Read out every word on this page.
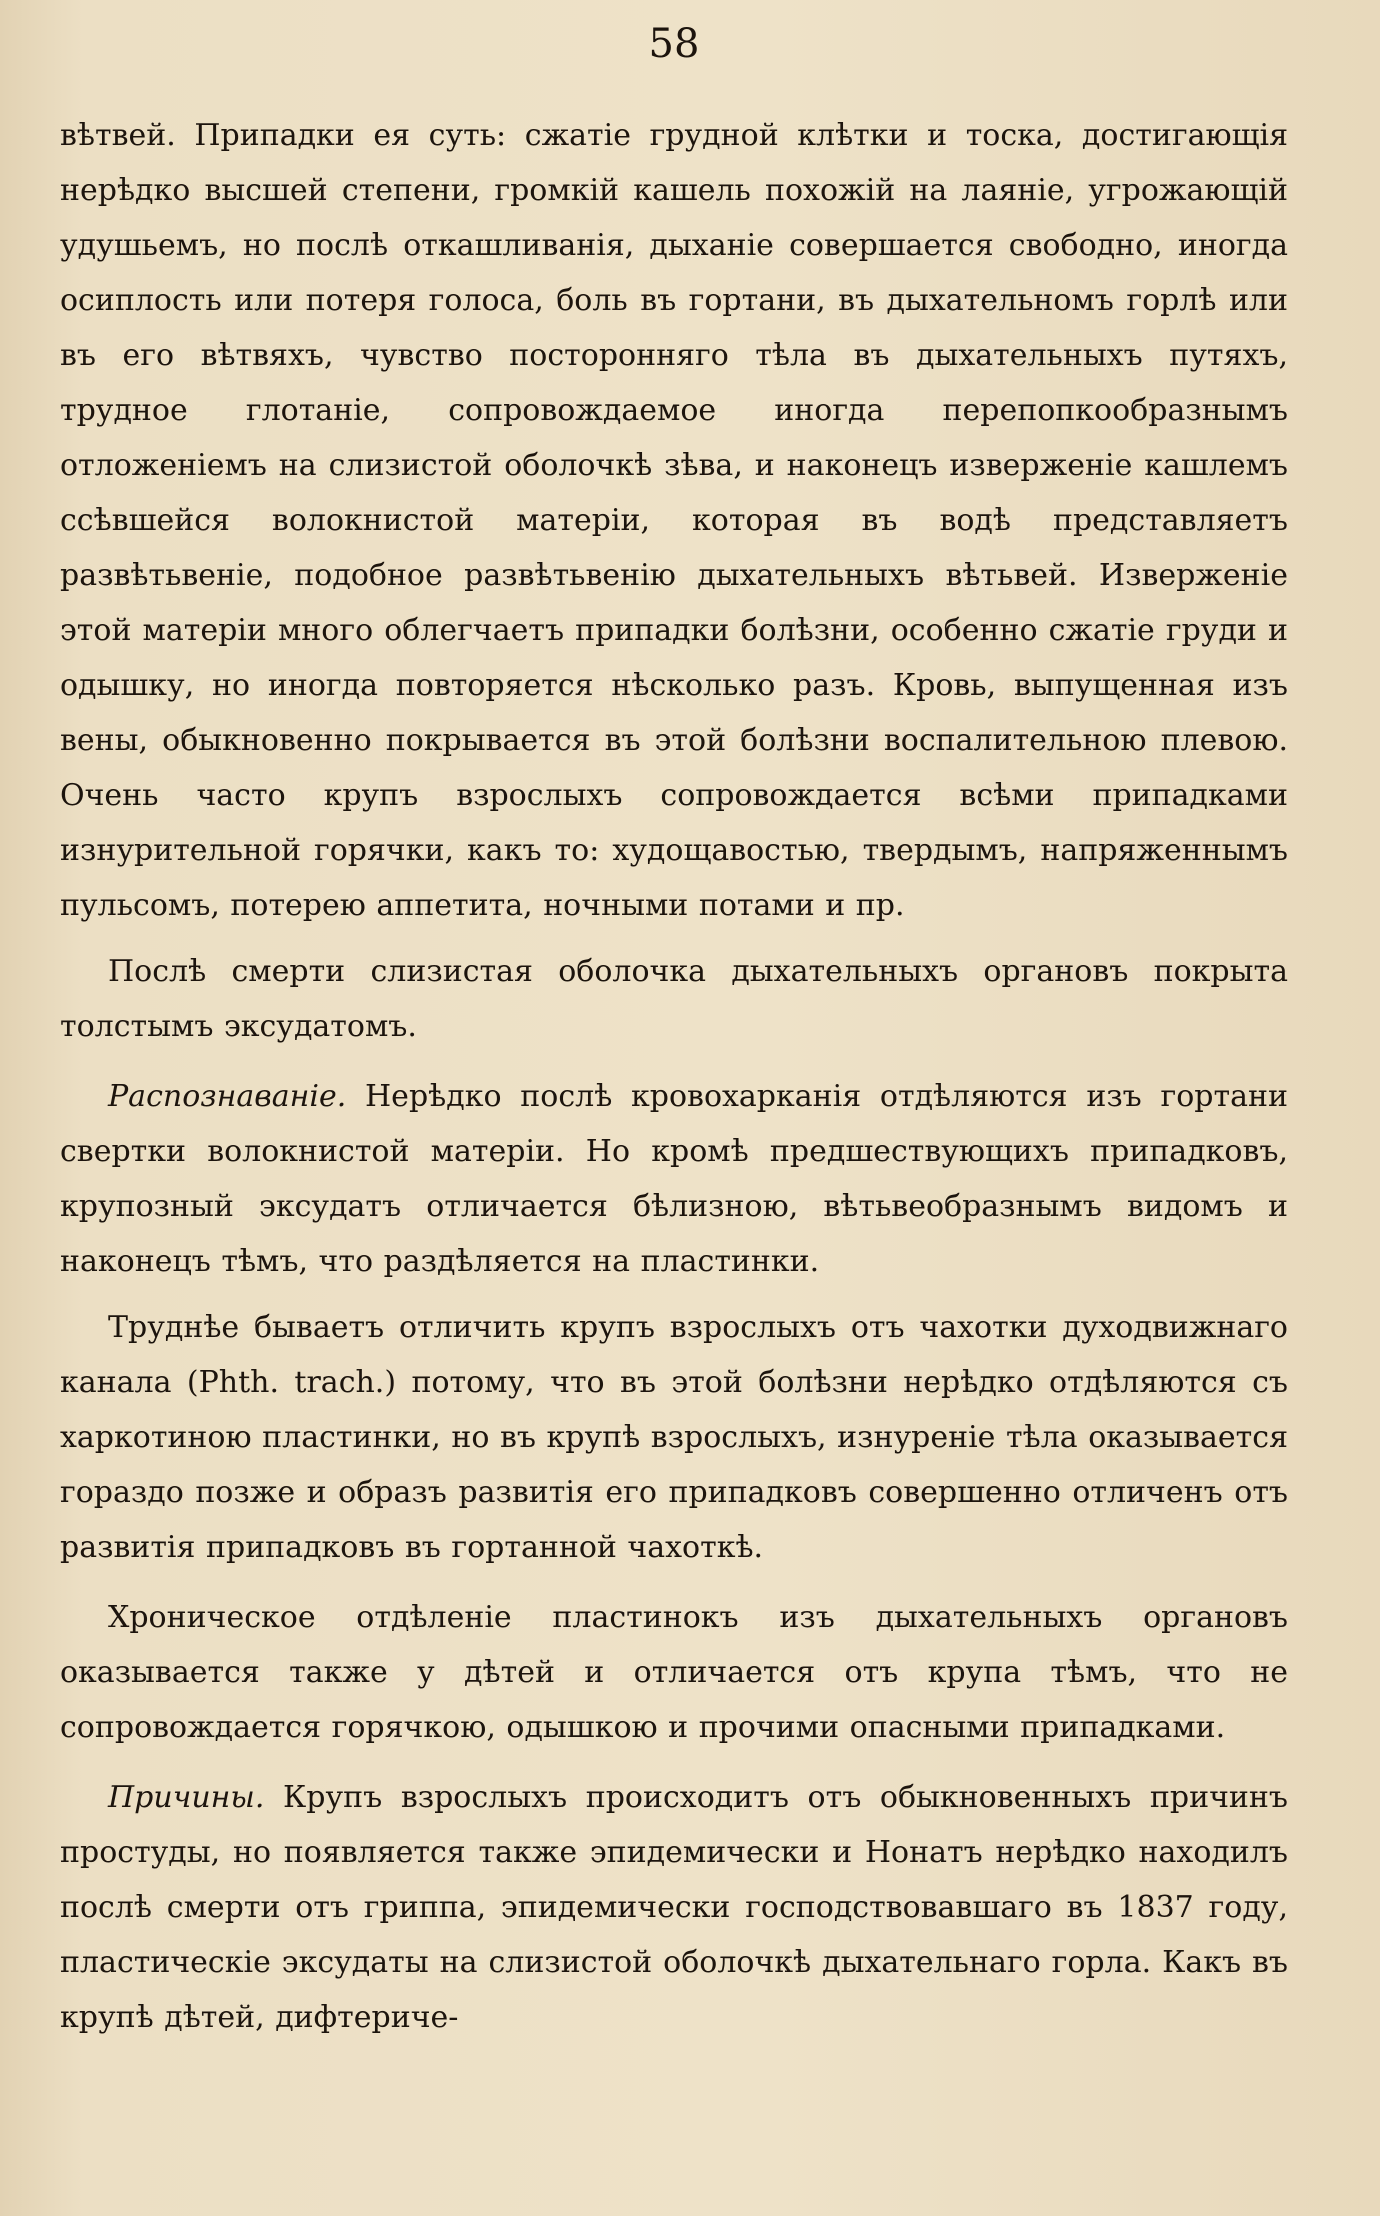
58

вѣтвей. Припадки ея суть: сжатіе грудной клѣтки и тоска, достигающія нерѣдко высшей степени, громкій кашель похожій на лаяніе, угрожающій удушьемъ, но послѣ откашливанія, дыханіе совершается свободно, иногда осиплость или потеря голоса, боль въ гортани, въ дыхательномъ горлѣ или въ его вѣтвяхъ, чувство посторонняго тѣла въ дыхательныхъ путяхъ, трудное глотаніе, сопровождаемое иногда перепопкообразнымъ отложеніемъ на слизистой оболочкѣ зѣва, и наконецъ изверженіе кашлемъ ссѣвшейся волокнистой матеріи, которая въ водѣ представляетъ развѣтьвеніе, подобное развѣтьвенію дыхательныхъ вѣтьвей. Изверженіе этой матеріи много облегчаетъ припадки болѣзни, особенно сжатіе груди и одышку, но иногда повторяется нѣсколько разъ. Кровь, выпущенная изъ вены, обыкновенно покрывается въ этой болѣзни воспалительною плевою. Очень часто крупъ взрослыхъ сопровождается всѣми припадками изнурительной горячки, какъ то: худощавостью, твердымъ, напряженнымъ пульсомъ, потерею аппетита, ночными потами и пр.

Послѣ смерти слизистая оболочка дыхательныхъ органовъ покрыта толстымъ эксудатомъ.

Распознаваніе. Нерѣдко послѣ кровохарканія отдѣляются изъ гортани свертки волокнистой матеріи. Но кромѣ предшествующихъ припадковъ, крупозный эксудатъ отличается бѣлизною, вѣтьвеобразнымъ видомъ и наконецъ тѣмъ, что раздѣляется на пластинки.

Труднѣе бываетъ отличить крупъ взрослыхъ отъ чахотки духодвижнаго канала (Phth. trach.) потому, что въ этой болѣзни нерѣдко отдѣляются съ харкотиною пластинки, но въ крупѣ взрослыхъ, изнуреніе тѣла оказывается гораздо позже и образъ развитія его припадковъ совершенно отличенъ отъ развитія припадковъ въ гортанной чахоткѣ.

Хроническое отдѣленіе пластинокъ изъ дыхательныхъ органовъ оказывается также у дѣтей и отличается отъ крупа тѣмъ, что не сопровождается горячкою, одышкою и прочими опасными припадками.

Причины. Крупъ взрослыхъ происходитъ отъ обыкновенныхъ причинъ простуды, но появляется также эпидемически и Нонатъ нерѣдко находилъ послѣ смерти отъ гриппа, эпидемически господствовавшаго въ 1837 году, пластическіе эксудаты на слизистой оболочкѣ дыхательнаго горла. Какъ въ крупѣ дѣтей, дифтериче-
